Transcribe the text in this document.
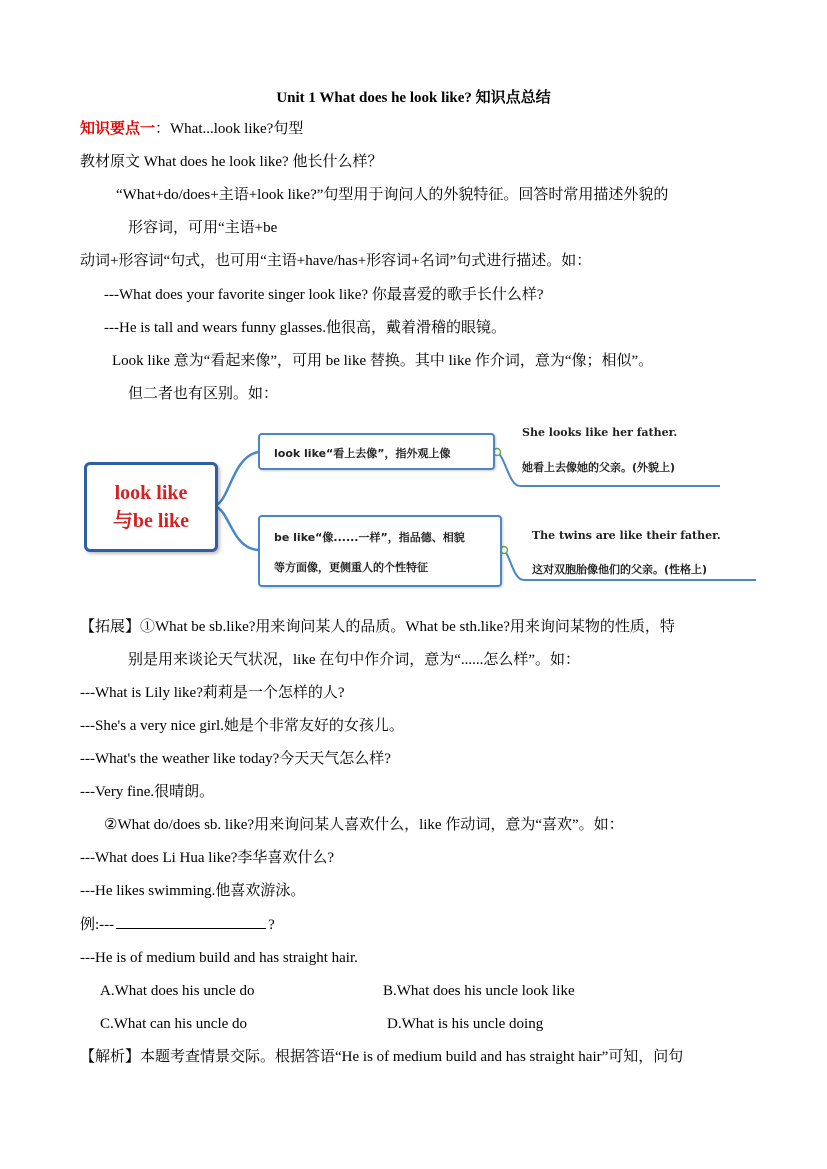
Unit 1 What does he look like? 知识点总结
知识要点一：What...look like?句型
教材原文 What does he look like? 他长什么样？
“What+do/does+主语+look like?”句型用于询问人的外貌特征。回答时常用描述外貌的
形容词，可用“主语+be
动词+形容词“句式，也可用“主语+have/has+形容词+名词”句式进行描述。如：
---What does your favorite singer look like? 你最喜爱的歌手长什么样?
---He is tall and wears funny glasses.他很高，戴着滑稽的眼镜。
Look like 意为“看起来像”，可用 be like 替换。其中 like 作介词，意为“像；相似”。
但二者也有区别。如：
look like
与be like
look like“看上去像”，指外观上像
be like“像......一样”，指品德、相貌
等方面像，更侧重人的个性特征
She looks like her father.
她看上去像她的父亲。(外貌上)
The twins are like their father.
这对双胞胎像他们的父亲。(性格上)
【拓展】①What be sb.like?用来询问某人的品质。What be sth.like?用来询问某物的性质，特
别是用来谈论天气状况，like 在句中作介词，意为“......怎么样”。如：
---What is Lily like?莉莉是一个怎样的人?
---She's a very nice girl.她是个非常友好的女孩儿。
---What's the weather like today?今天天气怎么样?
---Very fine.很晴朗。
②What do/does sb. like?用来询问某人喜欢什么，like 作动词，意为“喜欢”。如：
---What does Li Hua like?李华喜欢什么?
---He likes swimming.他喜欢游泳。
例:---	?
---He is of medium build and has straight hair.
A.What does his uncle do	B.What does his uncle look like
C.What can his uncle do	D.What is his uncle doing
【解析】本题考查情景交际。根据答语“He is of medium build and has straight hair”可知，问句
